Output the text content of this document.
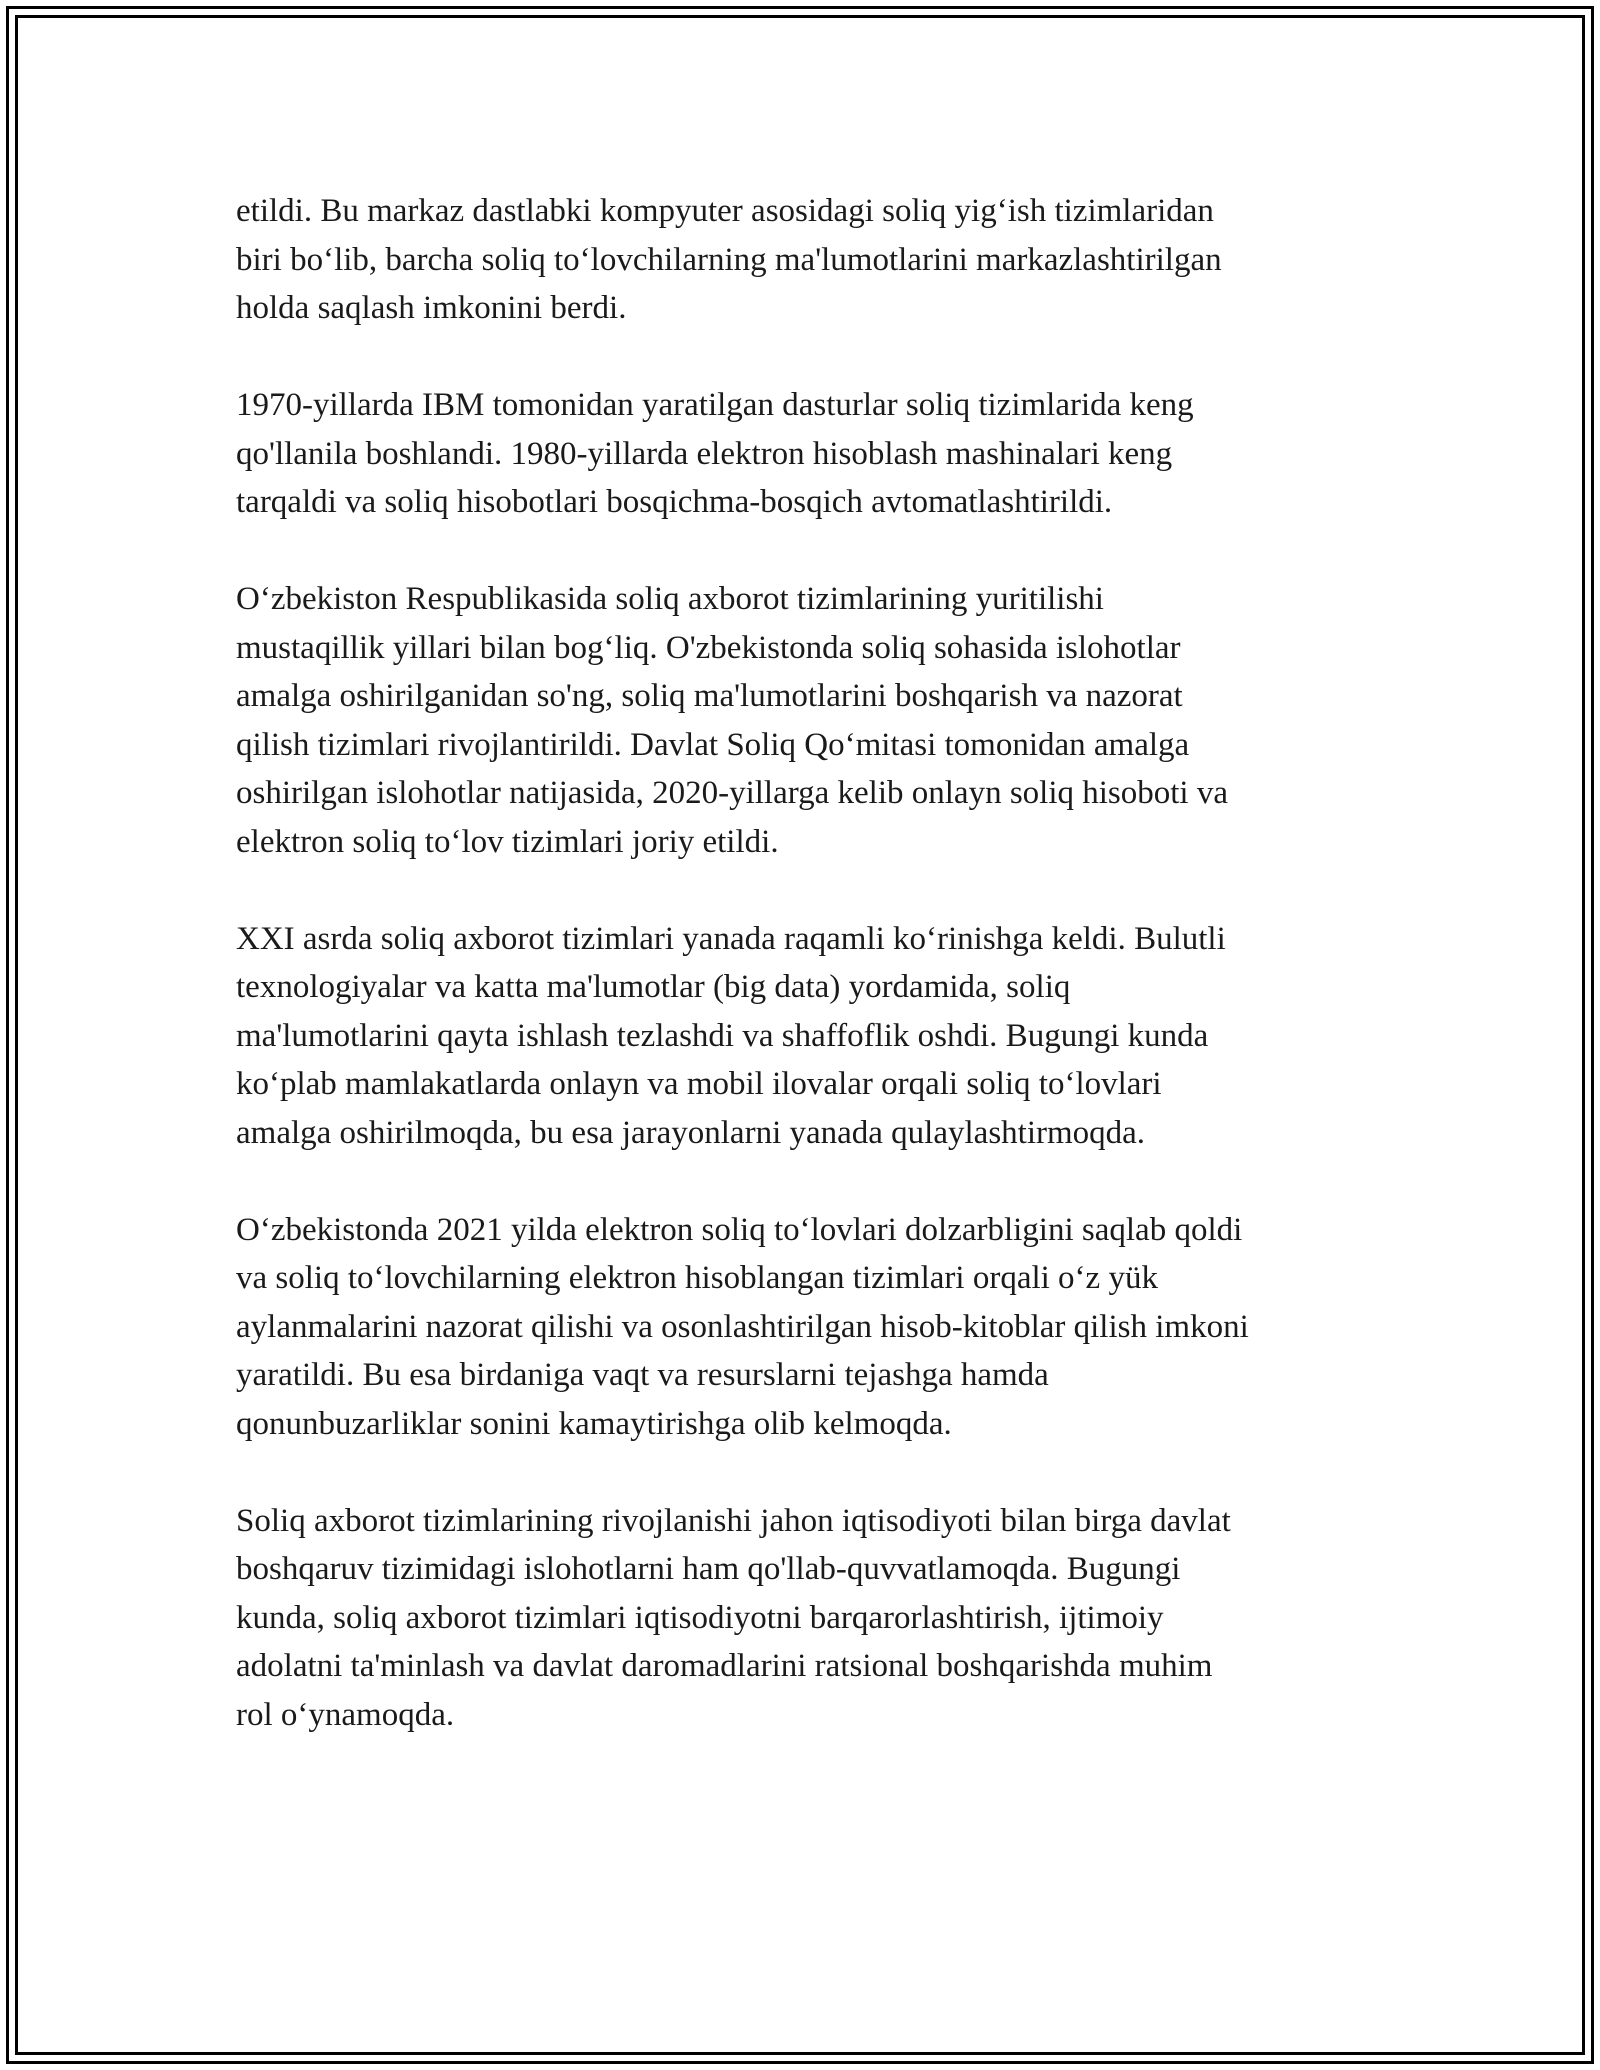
etildi. Bu markaz dastlabki kompyuter asosidagi soliq yig‘ish tizimlaridan
biri bo‘lib, barcha soliq to‘lovchilarning ma'lumotlarini markazlashtirilgan
holda saqlash imkonini berdi.

1970-yillarda IBM tomonidan yaratilgan dasturlar soliq tizimlarida keng
qo'llanila boshlandi. 1980-yillarda elektron hisoblash mashinalari keng
tarqaldi va soliq hisobotlari bosqichma-bosqich avtomatlashtirildi.

O‘zbekiston Respublikasida soliq axborot tizimlarining yuritilishi
mustaqillik yillari bilan bog‘liq. O'zbekistonda soliq sohasida islohotlar
amalga oshirilganidan so'ng, soliq ma'lumotlarini boshqarish va nazorat
qilish tizimlari rivojlantirildi. Davlat Soliq Qo‘mitasi tomonidan amalga
oshirilgan islohotlar natijasida, 2020-yillarga kelib onlayn soliq hisoboti va
elektron soliq to‘lov tizimlari joriy etildi.

XXI asrda soliq axborot tizimlari yanada raqamli ko‘rinishga keldi. Bulutli
texnologiyalar va katta ma'lumotlar (big data) yordamida, soliq
ma'lumotlarini qayta ishlash tezlashdi va shaffoflik oshdi. Bugungi kunda
ko‘plab mamlakatlarda onlayn va mobil ilovalar orqali soliq to‘lovlari
amalga oshirilmoqda, bu esa jarayonlarni yanada qulaylashtirmoqda.

O‘zbekistonda 2021 yilda elektron soliq to‘lovlari dolzarbligini saqlab qoldi
va soliq to‘lovchilarning elektron hisoblangan tizimlari orqali o‘z yük
aylanmalarini nazorat qilishi va osonlashtirilgan hisob-kitoblar qilish imkoni
yaratildi. Bu esa birdaniga vaqt va resurslarni tejashga hamda
qonunbuzarliklar sonini kamaytirishga olib kelmoqda.

Soliq axborot tizimlarining rivojlanishi jahon iqtisodiyoti bilan birga davlat
boshqaruv tizimidagi islohotlarni ham qo'llab-quvvatlamoqda. Bugungi
kunda, soliq axborot tizimlari iqtisodiyotni barqarorlashtirish, ijtimoiy
adolatni ta'minlash va davlat daromadlarini ratsional boshqarishda muhim
rol o‘ynamoqda.
